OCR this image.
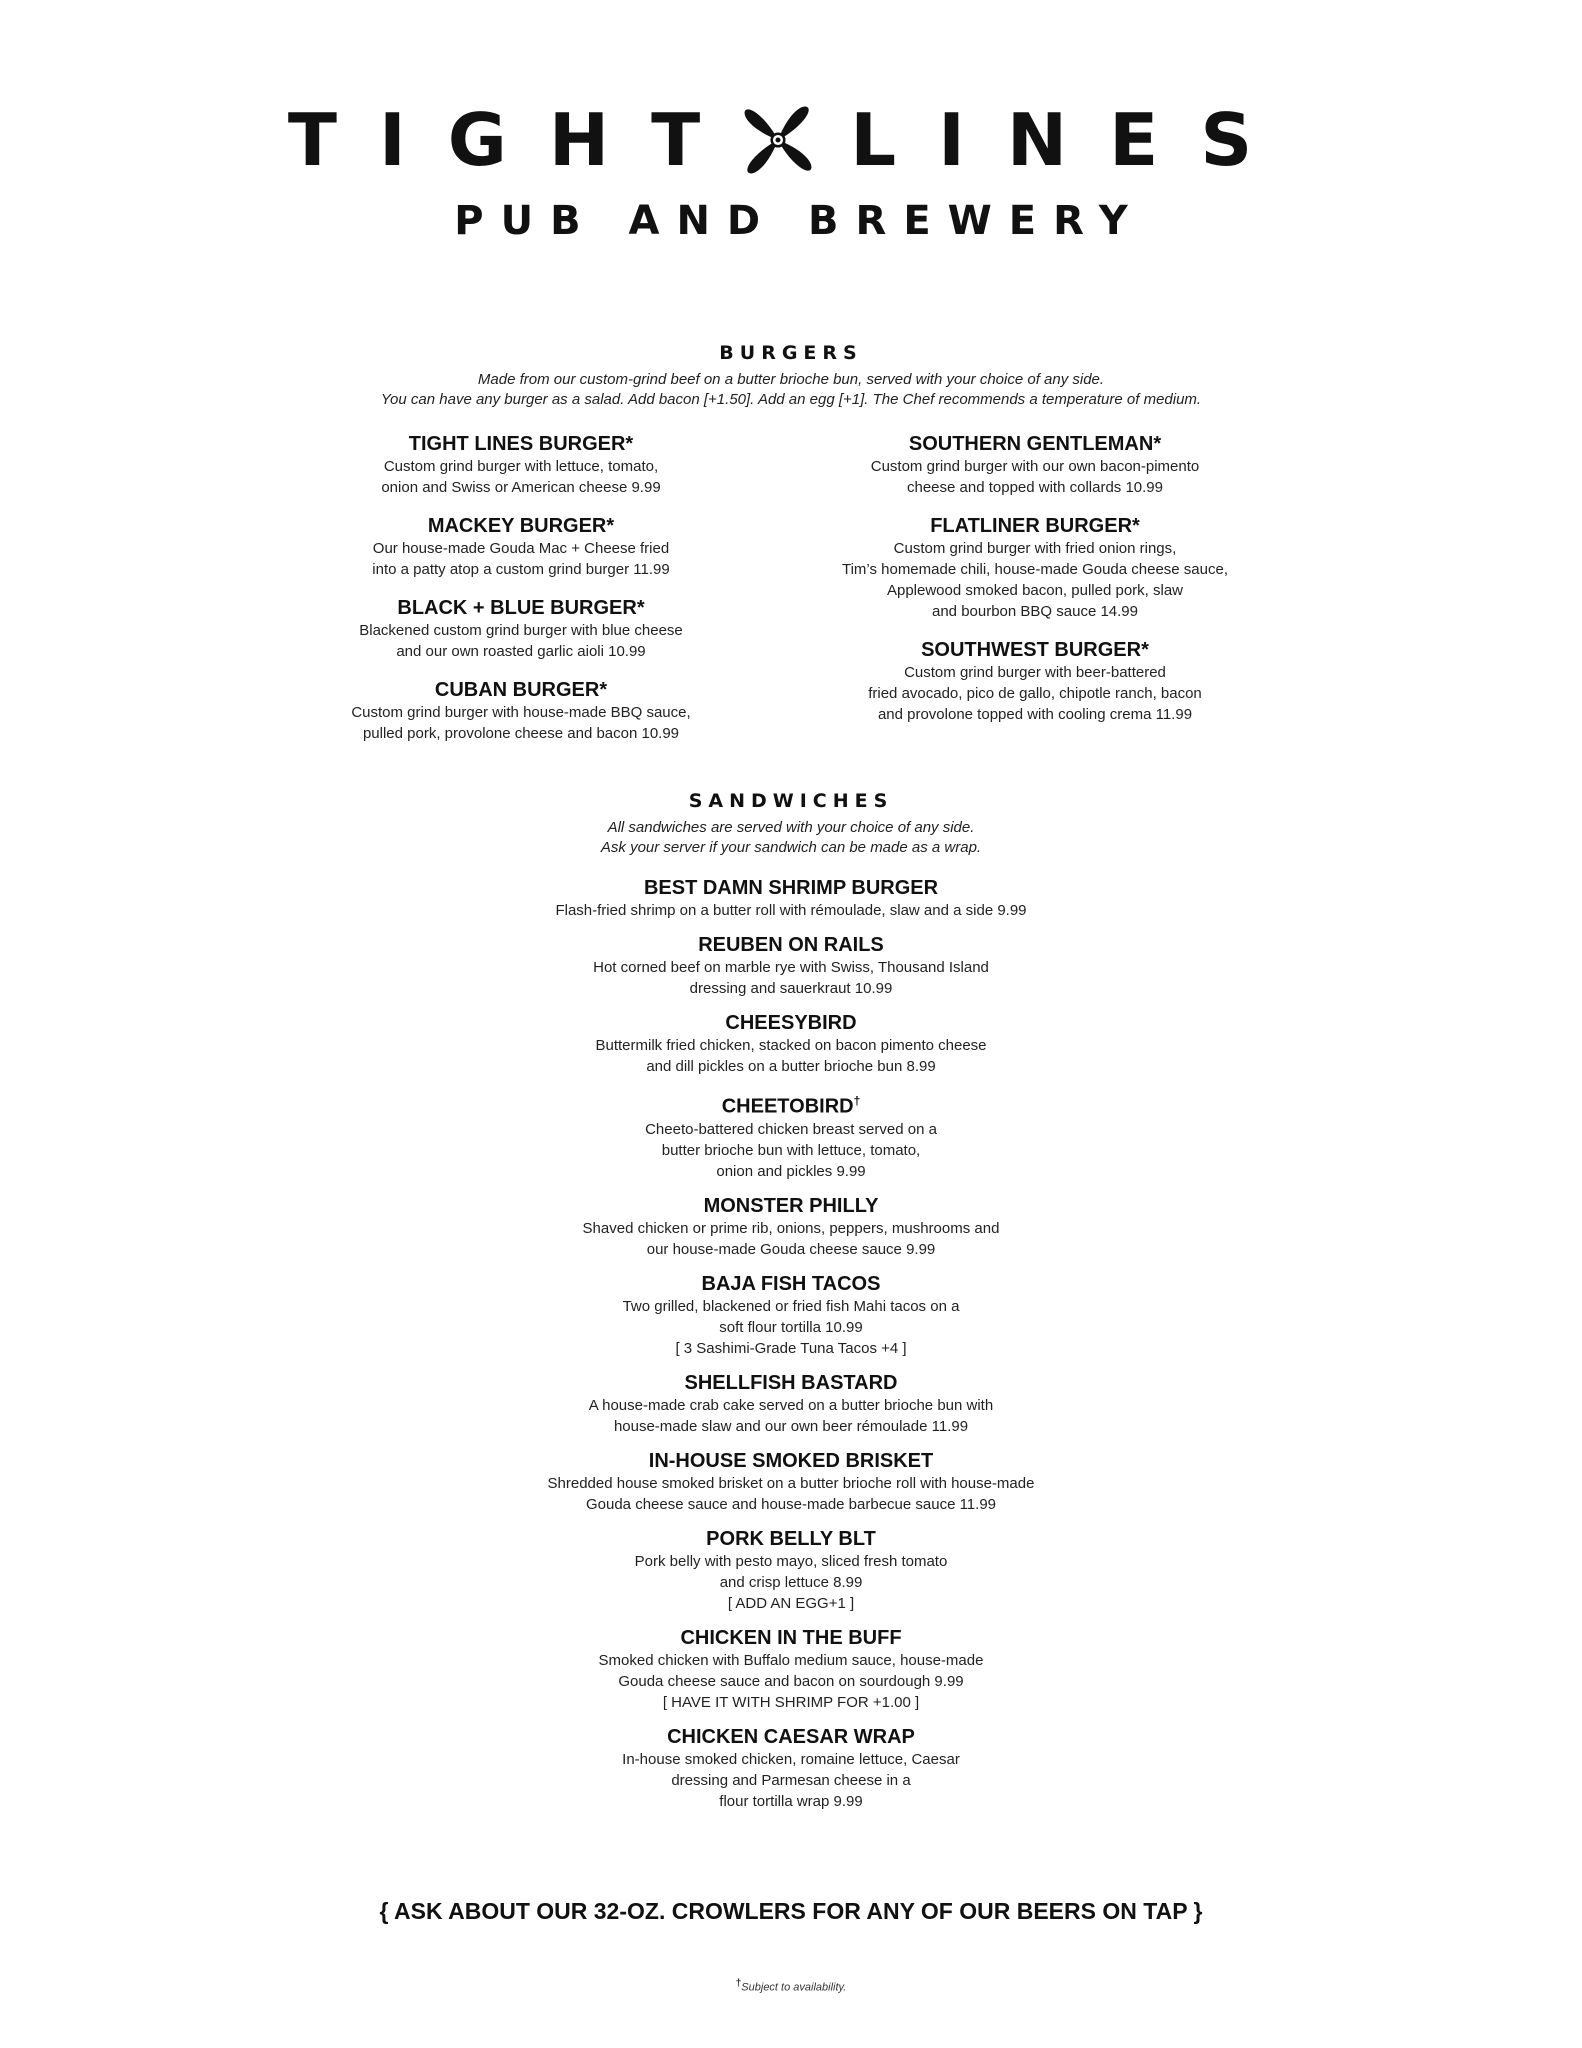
TIGHT LINES
PUB AND BREWERY
BURGERS
Made from our custom-grind beef on a butter brioche bun, served with your choice of any side.
You can have any burger as a salad. Add bacon [+1.50]. Add an egg [+1]. The Chef recommends a temperature of medium.
TIGHT LINES BURGER*
Custom grind burger with lettuce, tomato,
onion and Swiss or American cheese 9.99
MACKEY BURGER*
Our house-made Gouda Mac + Cheese fried
into a patty atop a custom grind burger 11.99
BLACK + BLUE BURGER*
Blackened custom grind burger with blue cheese
and our own roasted garlic aioli 10.99
CUBAN BURGER*
Custom grind burger with house-made BBQ sauce,
pulled pork, provolone cheese and bacon 10.99
SOUTHERN GENTLEMAN*
Custom grind burger with our own bacon-pimento
cheese and topped with collards 10.99
FLATLINER BURGER*
Custom grind burger with fried onion rings,
Tim’s homemade chili, house-made Gouda cheese sauce,
Applewood smoked bacon, pulled pork, slaw
and bourbon BBQ sauce 14.99
SOUTHWEST BURGER*
Custom grind burger with beer-battered
fried avocado, pico de gallo, chipotle ranch, bacon
and provolone topped with cooling crema 11.99
SANDWICHES
All sandwiches are served with your choice of any side.
Ask your server if your sandwich can be made as a wrap.
BEST DAMN SHRIMP BURGER
Flash-fried shrimp on a butter roll with rémoulade, slaw and a side 9.99
REUBEN ON RAILS
Hot corned beef on marble rye with Swiss, Thousand Island
dressing and sauerkraut 10.99
CHEESYBIRD
Buttermilk fried chicken, stacked on bacon pimento cheese
and dill pickles on a butter brioche bun 8.99
CHEETOBIRD†
Cheeto-battered chicken breast served on a
butter brioche bun with lettuce, tomato,
onion and pickles 9.99
MONSTER PHILLY
Shaved chicken or prime rib, onions, peppers, mushrooms and
our house-made Gouda cheese sauce 9.99
BAJA FISH TACOS
Two grilled, blackened or fried fish Mahi tacos on a
soft flour tortilla 10.99
[ 3 Sashimi-Grade Tuna Tacos +4 ]
SHELLFISH BASTARD
A house-made crab cake served on a butter brioche bun with
house-made slaw and our own beer rémoulade 11.99
IN-HOUSE SMOKED BRISKET
Shredded house smoked brisket on a butter brioche roll with house-made
Gouda cheese sauce and house-made barbecue sauce 11.99
PORK BELLY BLT
Pork belly with pesto mayo, sliced fresh tomato
and crisp lettuce 8.99
[ ADD AN EGG+1 ]
CHICKEN IN THE BUFF
Smoked chicken with Buffalo medium sauce, house-made
Gouda cheese sauce and bacon on sourdough 9.99
[ HAVE IT WITH SHRIMP FOR +1.00 ]
CHICKEN CAESAR WRAP
In-house smoked chicken, romaine lettuce, Caesar
dressing and Parmesan cheese in a
flour tortilla wrap 9.99
{ ASK ABOUT OUR 32-OZ. CROWLERS FOR ANY OF OUR BEERS ON TAP }
†Subject to availability.
